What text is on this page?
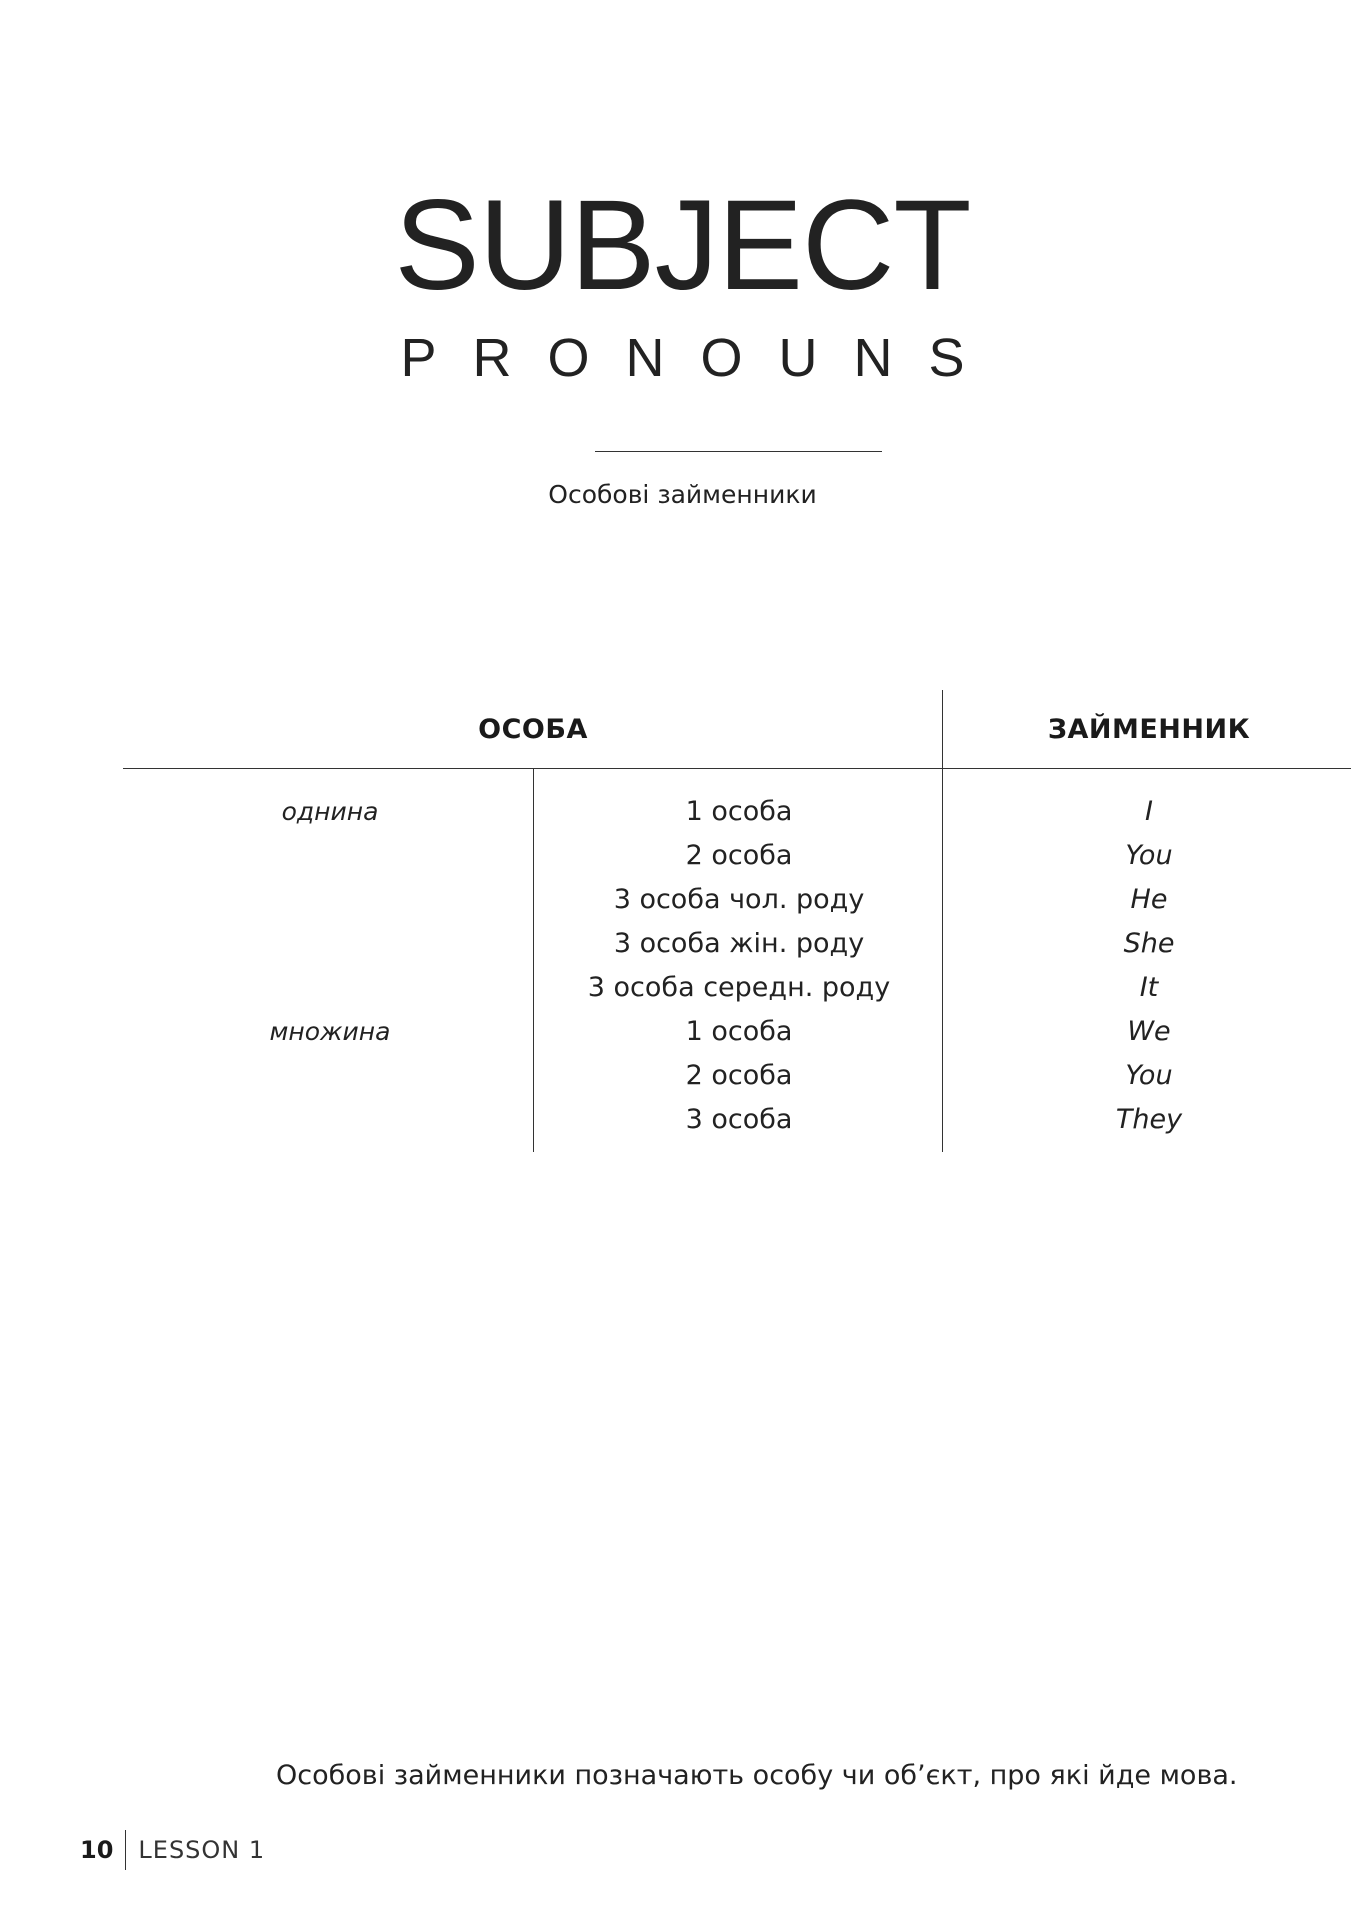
SUBJECT
PRONOUNS
Особові займенники
ОСОБА	ЗАЙМЕННИК
однина	1 особа	I
2 особа	You
3 особа чол. роду	He
3 особа жін. роду	She
3 особа середн. роду	It
множина	1 особа	We
2 особа	You
3 особа	They
Особові займенники позначають особу чи об’єкт, про які йде мова.
10 LESSON 1
